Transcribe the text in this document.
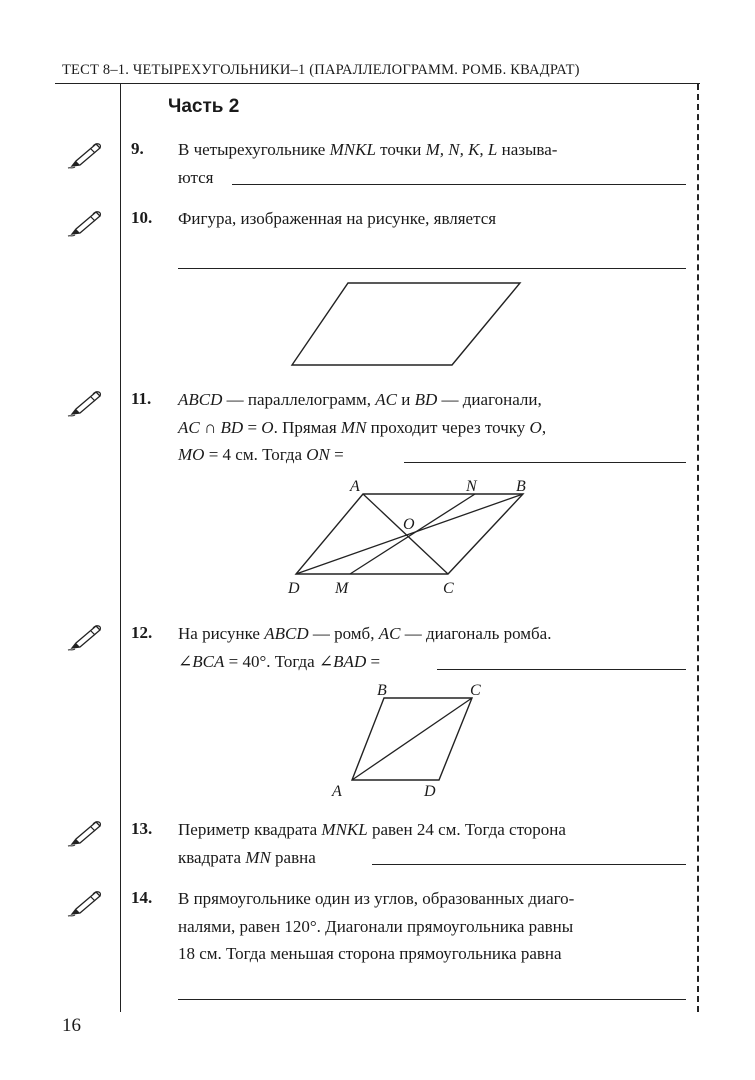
ТЕСТ 8–1. ЧЕТЫРЕХУГОЛЬНИКИ–1 (ПАРАЛЛЕЛОГРАММ. РОМБ. КВАДРАТ)
Часть 2
9. В четырехугольнике MNKL точки M, N, K, L называ-
ются
10. Фигура, изображенная на рисунке, является
11. ABCD — параллелограмм, AC и BD — диагонали,
AC ∩ BD = O. Прямая MN проходит через точку O,
MO = 4 см. Тогда ON =
A	N B
O
D M	C
12. На рисунке ABCD — ромб, AC — диагональ ромба.
∠BCA = 40°. Тогда ∠BAD =
B	C
A	D
13. Периметр квадрата MNKL равен 24 см. Тогда сторона
квадрата MN равна
14. В прямоугольнике один из углов, образованных диаго-
налями, равен 120°. Диагонали прямоугольника равны
18 см. Тогда меньшая сторона прямоугольника равна
16
